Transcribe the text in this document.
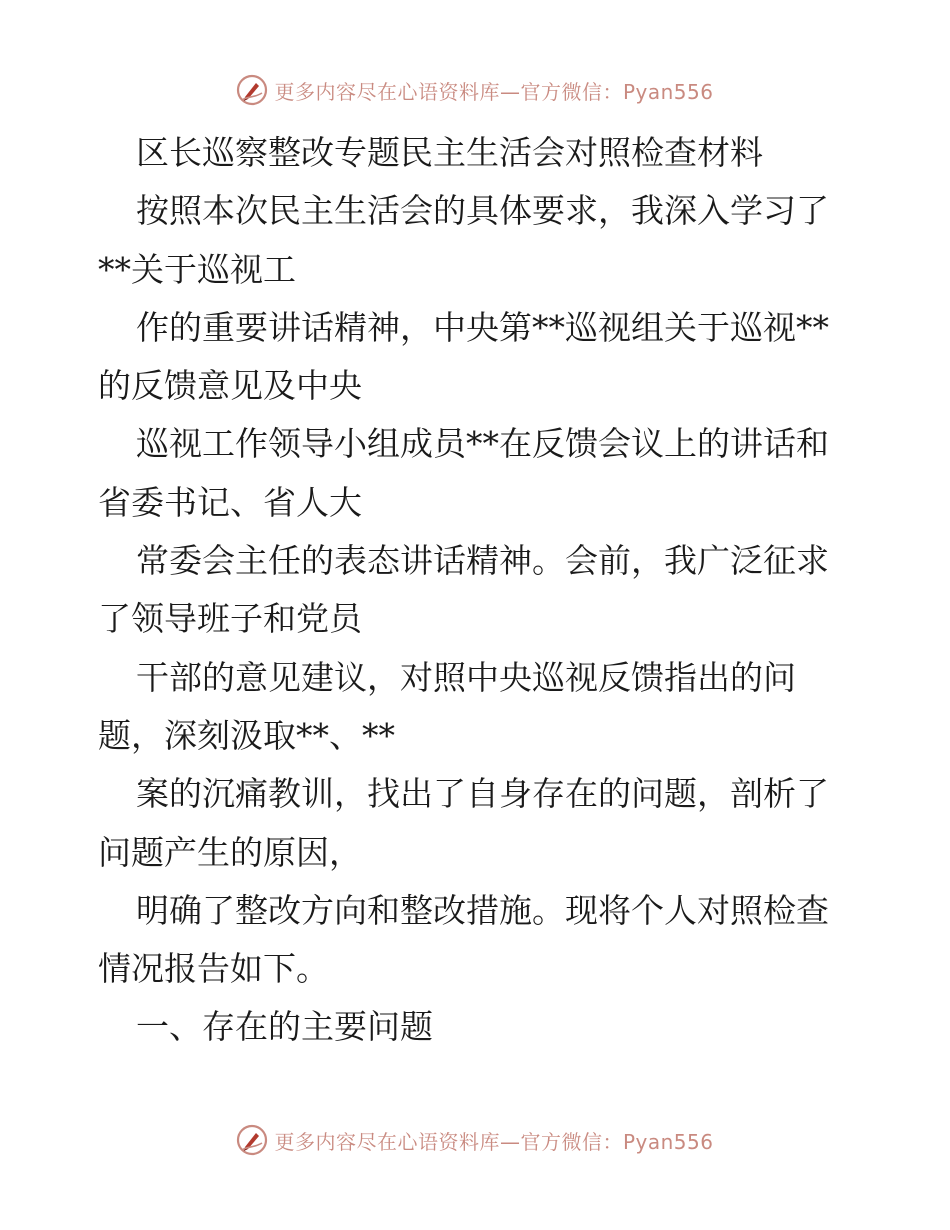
更多内容尽在心语资料库—官方微信：Pyan556
区长巡察整改专题民主生活会对照检查材料
按照本次民主生活会的具体要求，我深入学习了
**关于巡视工
作的重要讲话精神，中央第**巡视组关于巡视**
的反馈意见及中央
巡视工作领导小组成员**在反馈会议上的讲话和
省委书记、省人大
常委会主任的表态讲话精神。会前，我广泛征求
了领导班子和党员
干部的意见建议，对照中央巡视反馈指出的问
题，深刻汲取**、**
案的沉痛教训，找出了自身存在的问题，剖析了
问题产生的原因，
明确了整改方向和整改措施。现将个人对照检查
情况报告如下。
一、存在的主要问题
更多内容尽在心语资料库—官方微信：Pyan556
